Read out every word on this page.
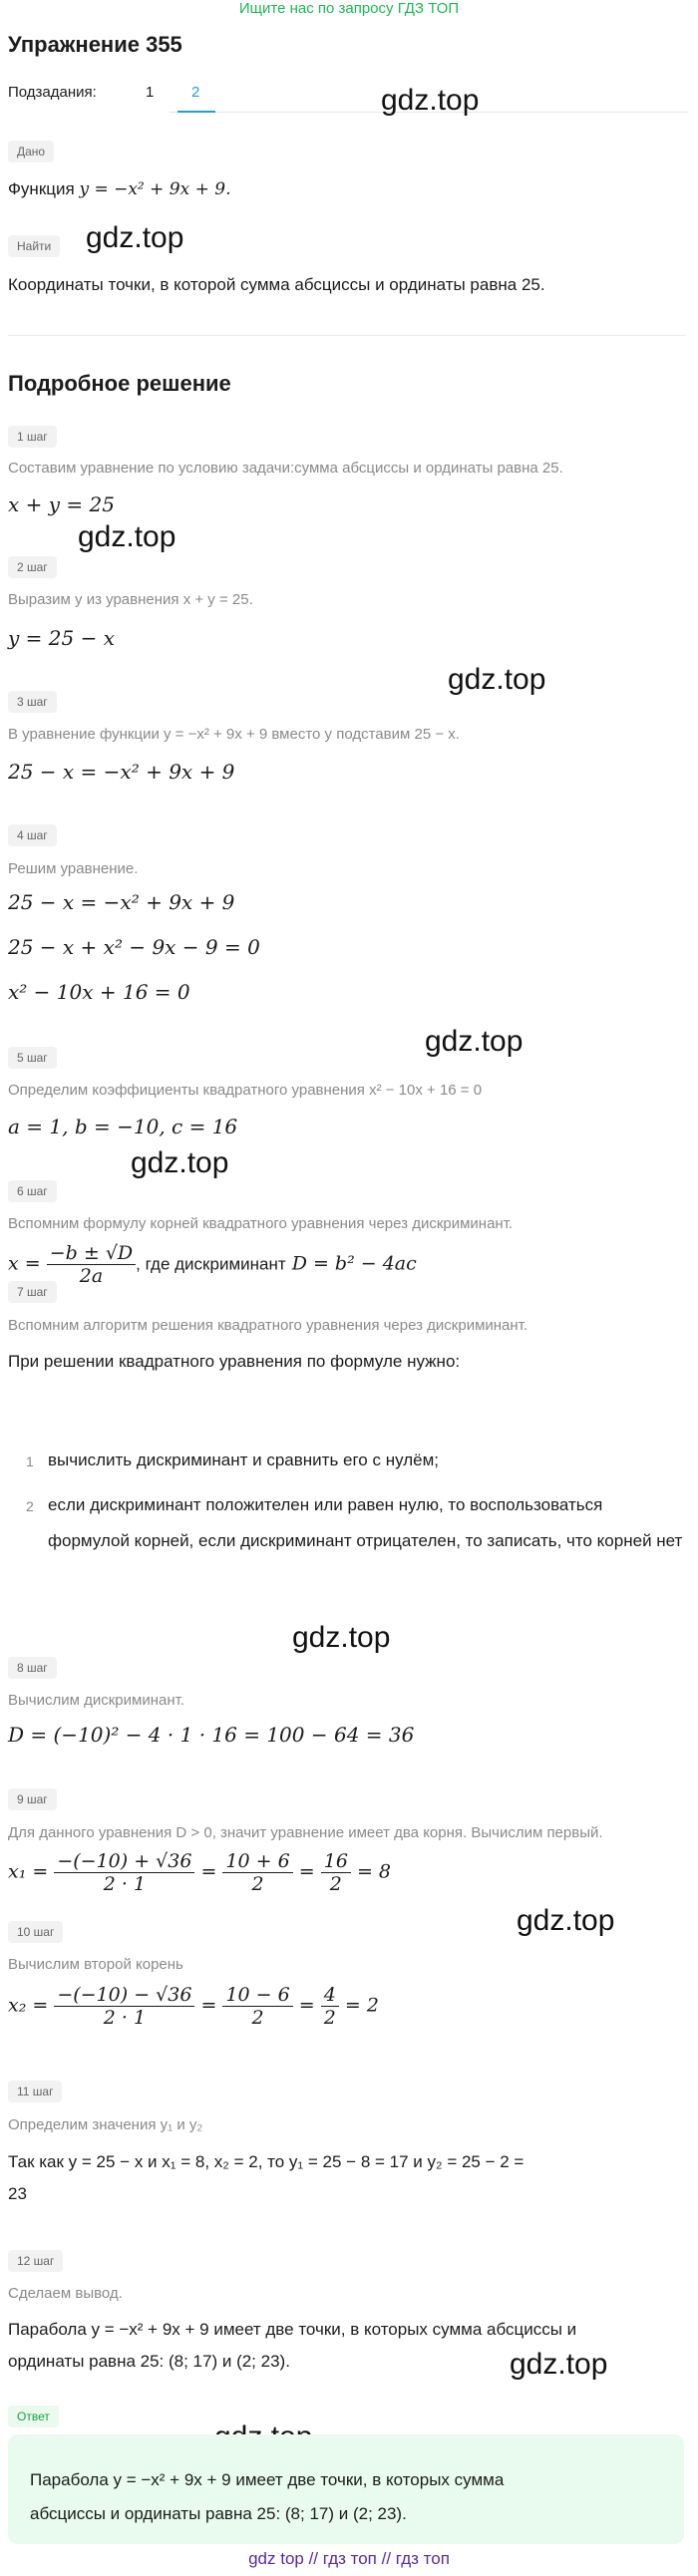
Ищите нас по запросу ГДЗ ТОП
Упражнение 355
Подзадания:	1	2	gdz.top
gdz.top
gdz.top
gdz.top
gdz.top
gdz.top
gdz.top
gdz.top
gdz.top
Дано
Функция y = −x² + 9x + 9.
Найти
Координаты точки, в которой сумма абсциссы и ординаты равна 25.
Подробное решение
1 шаг
Составим уравнение по условию задачи:сумма абсциссы и ординаты равна 25.
x + y = 25
2 шаг
Выразим y из уравнения x + y = 25.
y = 25 − x
3 шаг
В уравнение функции y = −x² + 9x + 9 вместо y подставим 25 − x.
25 − x = −x² + 9x + 9
4 шаг
Решим уравнение.
25 − x = −x² + 9x + 9
25 − x + x² − 9x − 9 = 0
x² − 10x + 16 = 0
5 шаг
Определим коэффициенты квадратного уравнения x² − 10x + 16 = 0
a = 1, b = −10, c = 16
6 шаг
Вспомним формулу корней квадратного уравнения через дискриминант.
$x = \frac{-b \pm √D}{2a}$ , где дискриминант D = b² − 4ac
7 шаг
Вспомним алгоритм решения квадратного уравнения через дискриминант.
При решении квадратного уравнения по формуле нужно:
1 вычислить дискриминант и сравнить его с нулём;
2 если дискриминант положителен или равен нулю, то воспользоваться формулой корней, если дискриминант отрицателен, то записать, что корней нет
8 шаг
Вычислим дискриминант.
D = (−10)² − 4 · 1 · 16 = 100 − 64 = 36
9 шаг
Для данного уравнения D > 0, значит уравнение имеет два корня. Вычислим первый.
$x_1 = \frac{-(-10) + √36}{2 \cdot 1} = \frac{10 + 6}{2} = \frac{16}{2} = 8$
10 шаг
Вычислим второй корень
$x_2 = \frac{-(-10) - √36}{2 \cdot 1} = \frac{10 - 6}{2} = \frac{4}{2} = 2$
11 шаг
Определим значения y₁ и y₂
Так как y = 25 − x и x₁ = 8, x₂ = 2, то y₁ = 25 − 8 = 17 и y₂ = 25 − 2 =
23
12 шаг
Сделаем вывод.
Парабола y = −x² + 9x + 9 имеет две точки, в которых сумма абсциссы и
ординаты равна 25: (8; 17) и (2; 23).
Ответ
Парабола y = −x² + 9x + 9 имеет две точки, в которых сумма
абсциссы и ординаты равна 25: (8; 17) и (2; 23).
gdz top // гдз топ // гдз топ
